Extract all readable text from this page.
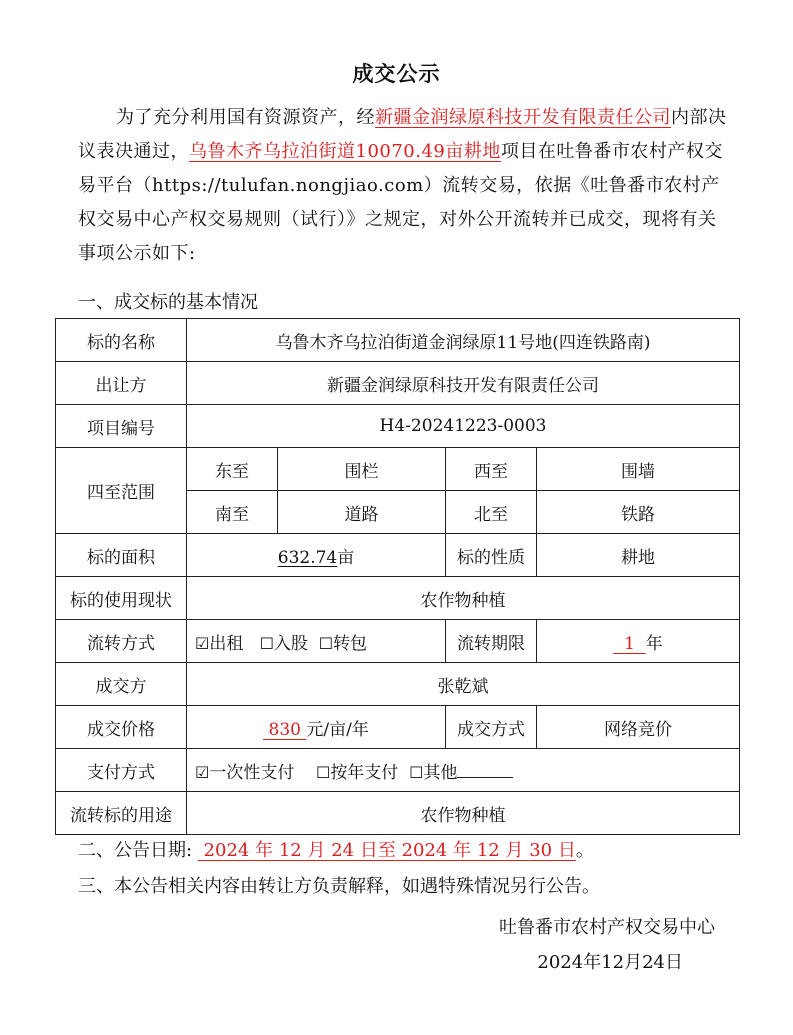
成交公示
为了充分利用国有资源资产，经新疆金润绿原科技开发有限责任公司内部决议表决通过，乌鲁木齐乌拉泊街道10070.49亩耕地项目在吐鲁番市农村产权交易平台（https://tulufan.nongjiao.com）流转交易，依据《吐鲁番市农村产权交易中心产权交易规则（试行）》之规定，对外公开流转并已成交，现将有关事项公示如下:
一、成交标的基本情况
标的名称	乌鲁木齐乌拉泊街道金润绿原11号地(四连铁路南)			
出让方	新疆金润绿原科技开发有限责任公司			
项目编号	H4-20241223-0003			
四至范围	东至	围栏	西至	围墙
	南至	道路	北至	铁路
标的面积	632.74亩		标的性质	耕地
标的使用现状	农作物种植			
流转方式	☑出租 ☐入股 ☐转包		流转期限	1 年
成交方	张乾斌			
成交价格	830 元/亩/年		成交方式	网络竞价
支付方式	☑一次性支付 ☐按年支付 ☐其他			
流转标的用途	农作物种植			
二、公告日期: 2024 年 12 月 24 日至 2024 年 12 月 30 日。
三、本公告相关内容由转让方负责解释，如遇特殊情况另行公告。
吐鲁番市农村产权交易中心
2024年12月24日
